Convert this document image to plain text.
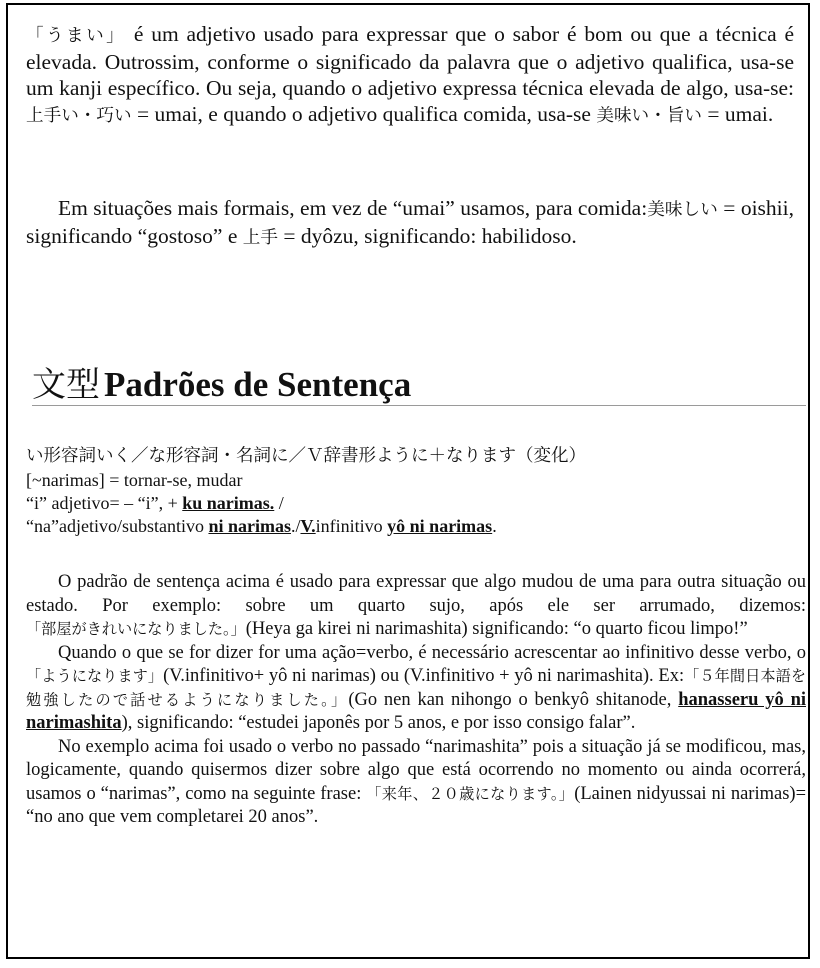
「うまい」 é um adjetivo usado para expressar que o sabor é bom ou que a técnica é elevada. Outrossim, conforme o significado da palavra que o adjetivo qualifica, usa-se um kanji específico. Ou seja, quando o adjetivo expressa técnica elevada de algo, usa-se:上手い・巧い = umai, e quando o adjetivo qualifica comida, usa-se 美味い・旨い = umai.
Em situações mais formais, em vez de “umai” usamos, para comida:美味しい = oishii, significando “gostoso” e 上手 = dyôzu, significando: habilidoso.
文型 Padrões de Sentença
い形容詞いく／な形容詞・名詞に／Ｖ辞書形ように＋なります（変化）
[~narimas] = tornar-se, mudar
“i” adjetivo= – “i”, + ku narimas. /
“na”adjetivo/substantivo ni narimas./V.infinitivo yô ni narimas.

O padrão de sentença acima é usado para expressar que algo mudou de uma para outra situação ou estado. Por exemplo: sobre um quarto sujo, após ele ser arrumado, dizemos: 「部屋がきれいになりました。」(Heya ga kirei ni narimashita) significando: “o quarto ficou limpo!”

Quando o que se for dizer for uma ação=verbo, é necessário acrescentar ao infinitivo desse verbo, o「ようになります」(V.infinitivo+ yô ni narimas) ou (V.infinitivo + yô ni narimashita). Ex:「５年間日本語を勉強したので話せるようになりました。」(Go nen kan nihongo o benkyô shitanode, hanasseru yô ni narimashita), significando: “estudei japonês por 5 anos, e por isso consigo falar”.

No exemplo acima foi usado o verbo no passado “narimashita” pois a situação já se modificou, mas, logicamente, quando quisermos dizer sobre algo que está ocorrendo no momento ou ainda ocorrerá, usamos o “narimas”, como na seguinte frase: 「来年、２０歳になります。」(Lainen nidyussai ni narimas)= “no ano que vem completarei 20 anos”.
